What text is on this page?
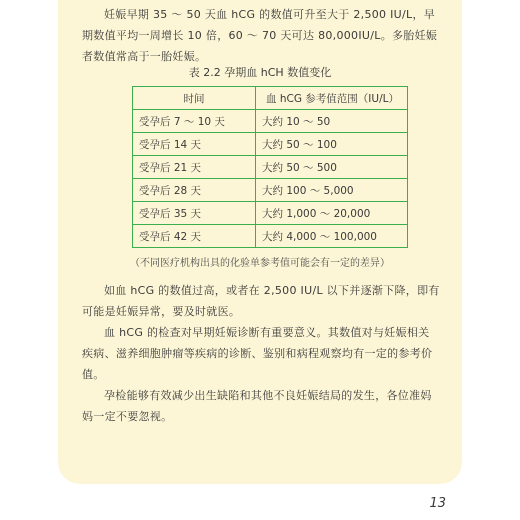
妊娠早期 35 ～ 50 天血 hCG 的数值可升至大于 2,500 IU/L，早期数值平均一周增长 10 倍，60 ～ 70 天可达 80,000IU/L。多胎妊娠者数值常高于一胎妊娠。

表 2.2 孕期血 hCH 数值变化

时间	血 hCG 参考值范围（IU/L）
受孕后 7 ～ 10 天	大约 10 ～ 50
受孕后 14 天	大约 50 ～ 100
受孕后 21 天	大约 50 ～ 500
受孕后 28 天	大约 100 ～ 5,000
受孕后 35 天	大约 1,000 ～ 20,000
受孕后 42 天	大约 4,000 ～ 100,000

（不同医疗机构出具的化验单参考值可能会有一定的差异）

如血 hCG 的数值过高，或者在 2,500 IU/L 以下并逐渐下降，即有可能是妊娠异常，要及时就医。

血 hCG 的检查对早期妊娠诊断有重要意义。其数值对与妊娠相关疾病、滋养细胞肿瘤等疾病的诊断、鉴别和病程观察均有一定的参考价值。

孕检能够有效减少出生缺陷和其他不良妊娠结局的发生，各位准妈妈一定不要忽视。

13
